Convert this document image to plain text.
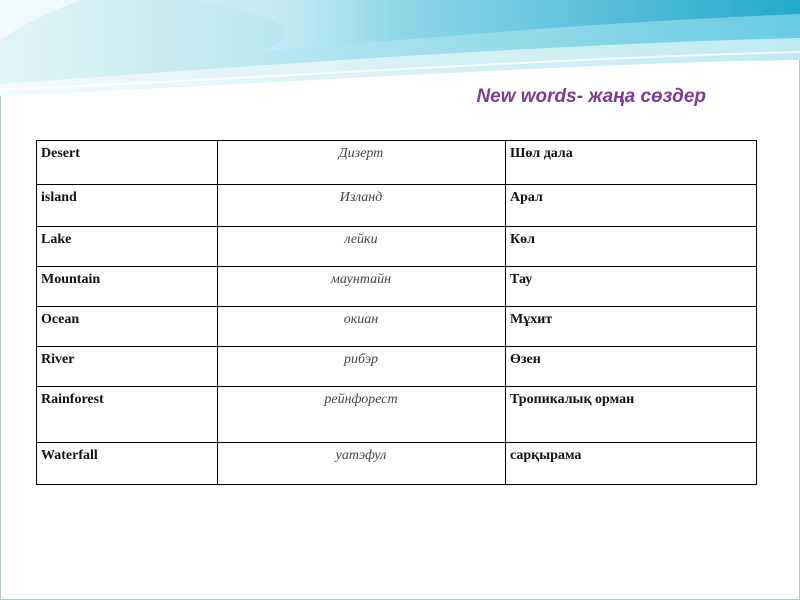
New words- жаңа сөздер
Desert	Дизерт	Шөл дала
island	Изланд	Арал
Lake	лейки	Көл
Mountain	маунтайн	Тау
Ocean	окиан	Мұхит
River	рибэр	Өзен
Rainforest	рейнфорест	Тропикалық орман
Waterfall	уатэфул	сарқырама
